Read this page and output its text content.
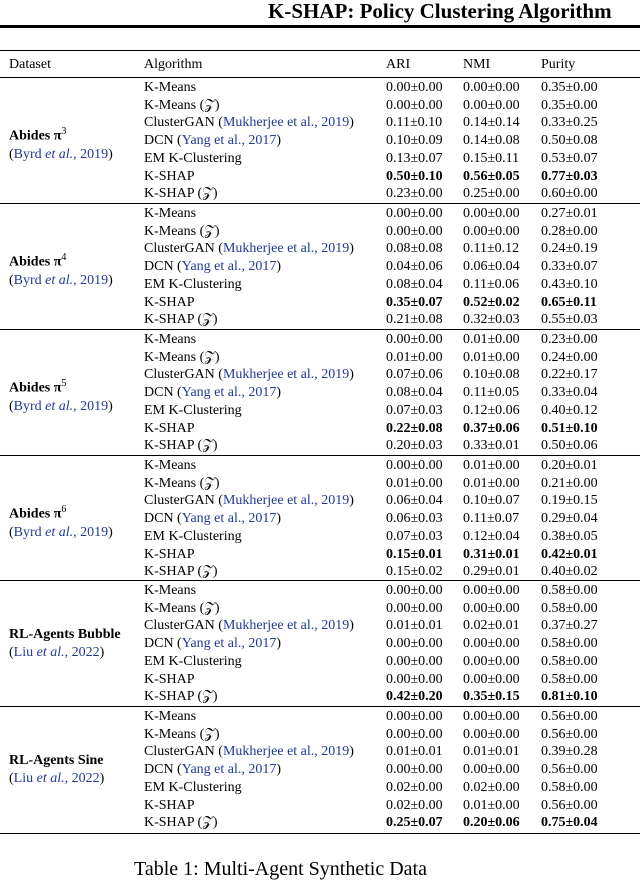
K-SHAP: Policy Clustering Algorithm
Dataset	Algorithm	ARI	NMI	Purity
Abides $\pi^3$
(Byrd et al., 2019)
K-Means	0.00±0.00 0.00±0.00 0.35±0.00
K-Means (𝒵)	0.00±0.00 0.00±0.00 0.35±0.00
ClusterGAN (Mukherjee et al., 2019) 0.11±0.10 0.14±0.14 0.33±0.25
DCN (Yang et al., 2017)	0.10±0.09 0.14±0.08 0.50±0.08
EM K-Clustering	0.13±0.07 0.15±0.11 0.53±0.07
K-SHAP	0.50±0.10 0.56±0.05 0.77±0.03
K-SHAP (𝒵)	0.23±0.00 0.25±0.00 0.60±0.00
Abides $\pi^4$
(Byrd et al., 2019)
K-Means	0.00±0.00 0.00±0.00 0.27±0.01
K-Means (𝒵)	0.00±0.00 0.00±0.00 0.28±0.00
ClusterGAN (Mukherjee et al., 2019) 0.08±0.08 0.11±0.12 0.24±0.19
DCN (Yang et al., 2017)	0.04±0.06 0.06±0.04 0.33±0.07
EM K-Clustering	0.08±0.04 0.11±0.06 0.43±0.10
K-SHAP	0.35±0.07 0.52±0.02 0.65±0.11
K-SHAP (𝒵)	0.21±0.08 0.32±0.03 0.55±0.03
Abides $\pi^5$
(Byrd et al., 2019)
K-Means	0.00±0.00 0.01±0.00 0.23±0.00
K-Means (𝒵)	0.01±0.00 0.01±0.00 0.24±0.00
ClusterGAN (Mukherjee et al., 2019) 0.07±0.06 0.10±0.08 0.22±0.17
DCN (Yang et al., 2017)	0.08±0.04 0.11±0.05 0.33±0.04
EM K-Clustering	0.07±0.03 0.12±0.06 0.40±0.12
K-SHAP	0.22±0.08 0.37±0.06 0.51±0.10
K-SHAP (𝒵)	0.20±0.03 0.33±0.01 0.50±0.06
Abides $\pi^6$
(Byrd et al., 2019)
K-Means	0.00±0.00 0.01±0.00 0.20±0.01
K-Means (𝒵)	0.01±0.00 0.01±0.00 0.21±0.00
ClusterGAN (Mukherjee et al., 2019) 0.06±0.04 0.10±0.07 0.19±0.15
DCN (Yang et al., 2017)	0.06±0.03 0.11±0.07 0.29±0.04
EM K-Clustering	0.07±0.03 0.12±0.04 0.38±0.05
K-SHAP	0.15±0.01 0.31±0.01 0.42±0.01
K-SHAP (𝒵)	0.15±0.02 0.29±0.01 0.40±0.02
RL-Agents Bubble
(Liu et al., 2022)
K-Means	0.00±0.00 0.00±0.00 0.58±0.00
K-Means (𝒵)	0.00±0.00 0.00±0.00 0.58±0.00
ClusterGAN (Mukherjee et al., 2019) 0.01±0.01 0.02±0.01 0.37±0.27
DCN (Yang et al., 2017)	0.00±0.00 0.00±0.00 0.58±0.00
EM K-Clustering	0.00±0.00 0.00±0.00 0.58±0.00
K-SHAP	0.00±0.00 0.00±0.00 0.58±0.00
K-SHAP (𝒵)	0.42±0.20 0.35±0.15 0.81±0.10
RL-Agents Sine
(Liu et al., 2022)
K-Means	0.00±0.00 0.00±0.00 0.56±0.00
K-Means (𝒵)	0.00±0.00 0.00±0.00 0.56±0.00
ClusterGAN (Mukherjee et al., 2019) 0.01±0.01 0.01±0.01 0.39±0.28
DCN (Yang et al., 2017)	0.00±0.00 0.00±0.00 0.56±0.00
EM K-Clustering	0.02±0.00 0.02±0.00 0.58±0.00
K-SHAP	0.02±0.00 0.01±0.00 0.56±0.00
K-SHAP (𝒵)	0.25±0.07 0.20±0.06 0.75±0.04
Table 1: Multi-Agent Synthetic Data
